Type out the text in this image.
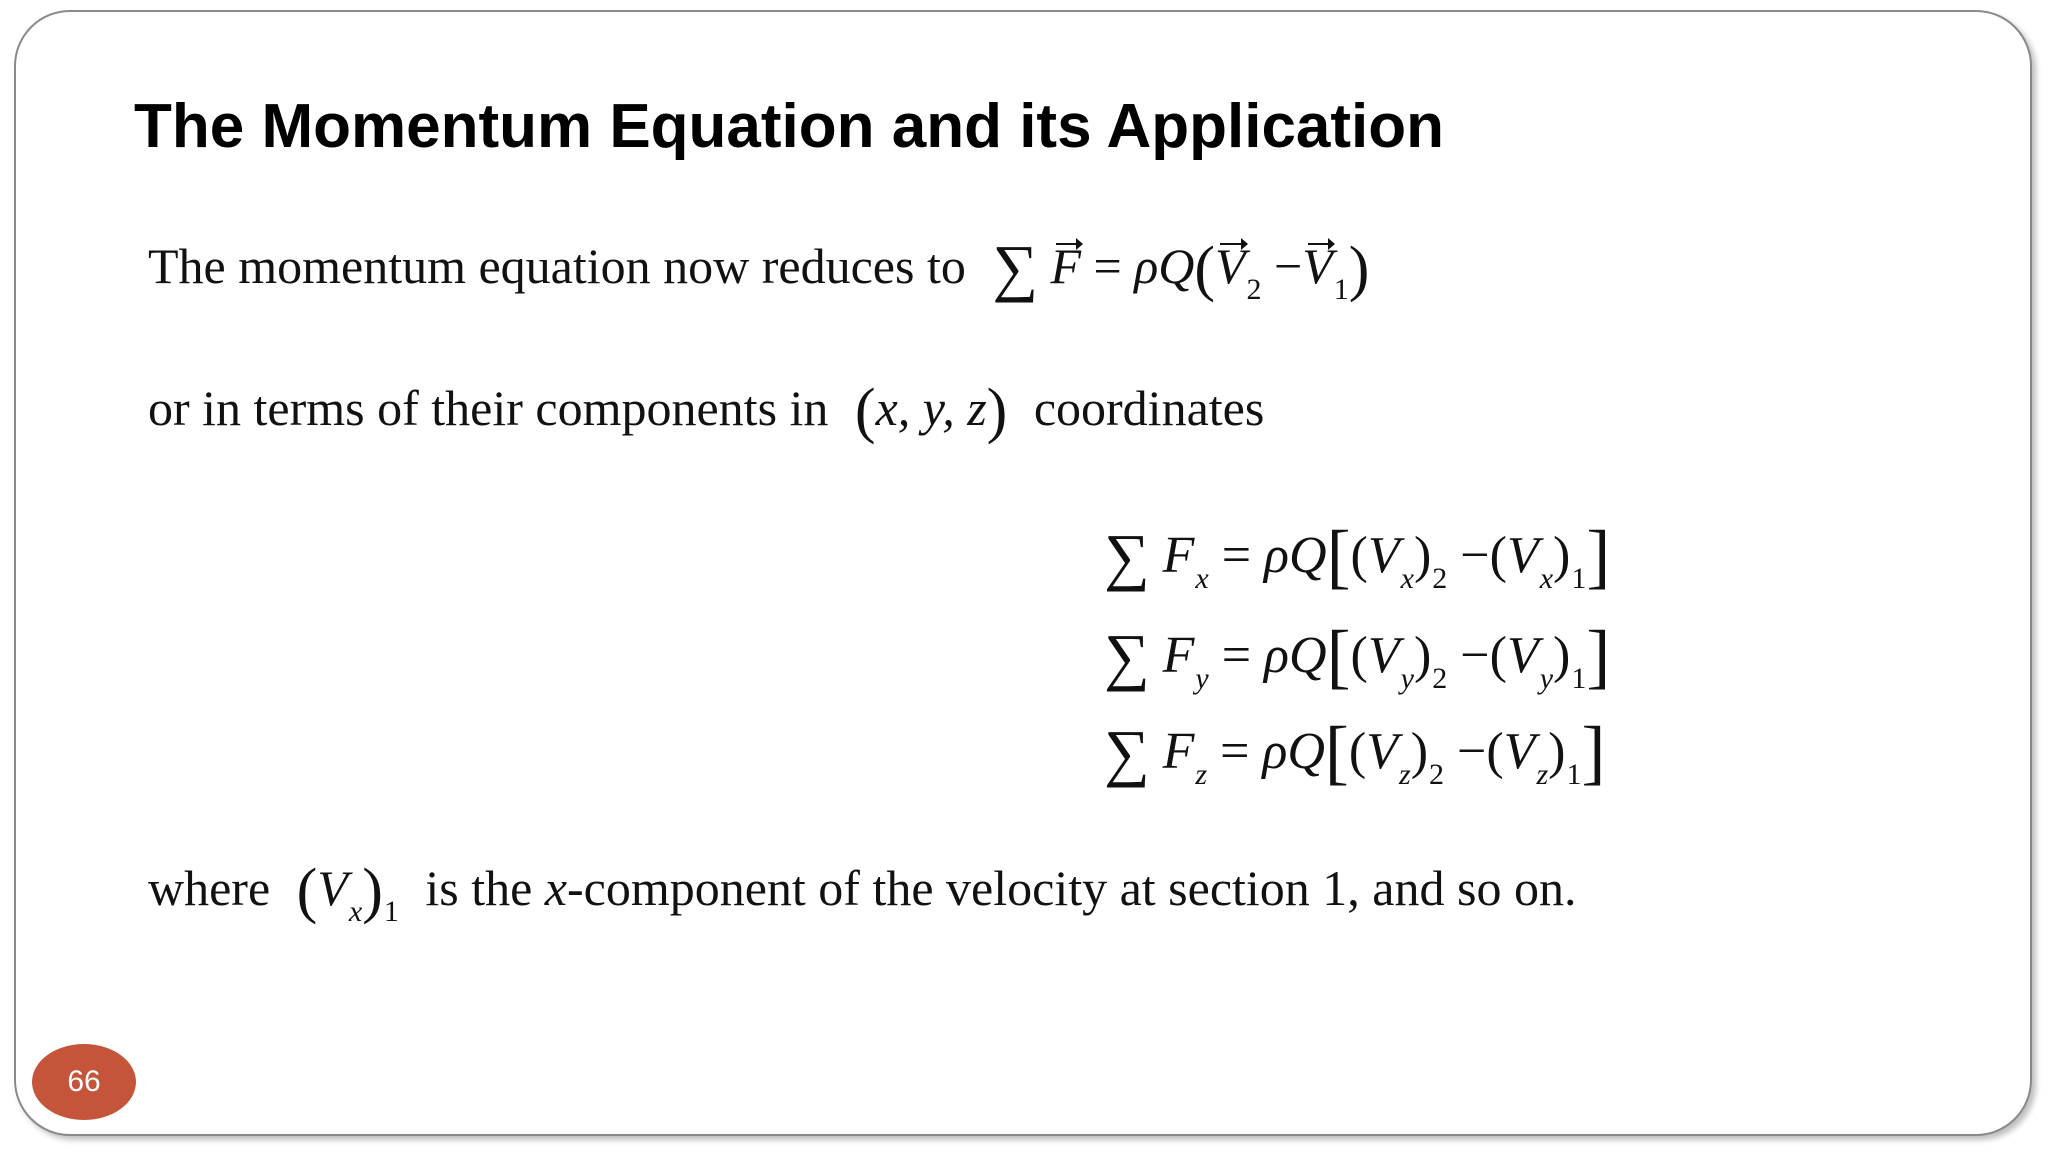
The Momentum Equation and its Application
The momentum equation now reduces to ∑ $F = \rho Q(V_2 -V_1)$
or in terms of their components in (x, y, z) coordinates
∑ $F_x = \rho Q[(V_x)_2 -(V_x)_1]$
∑ $F_y = \rho Q[(V_y)_2 -(V_y)_1]$
∑ $F_z = \rho Q[(V_z)_2 -(V_z)_1]$
where $(V_x)_1$ is the x-component of the velocity at section 1, and so on.
66
